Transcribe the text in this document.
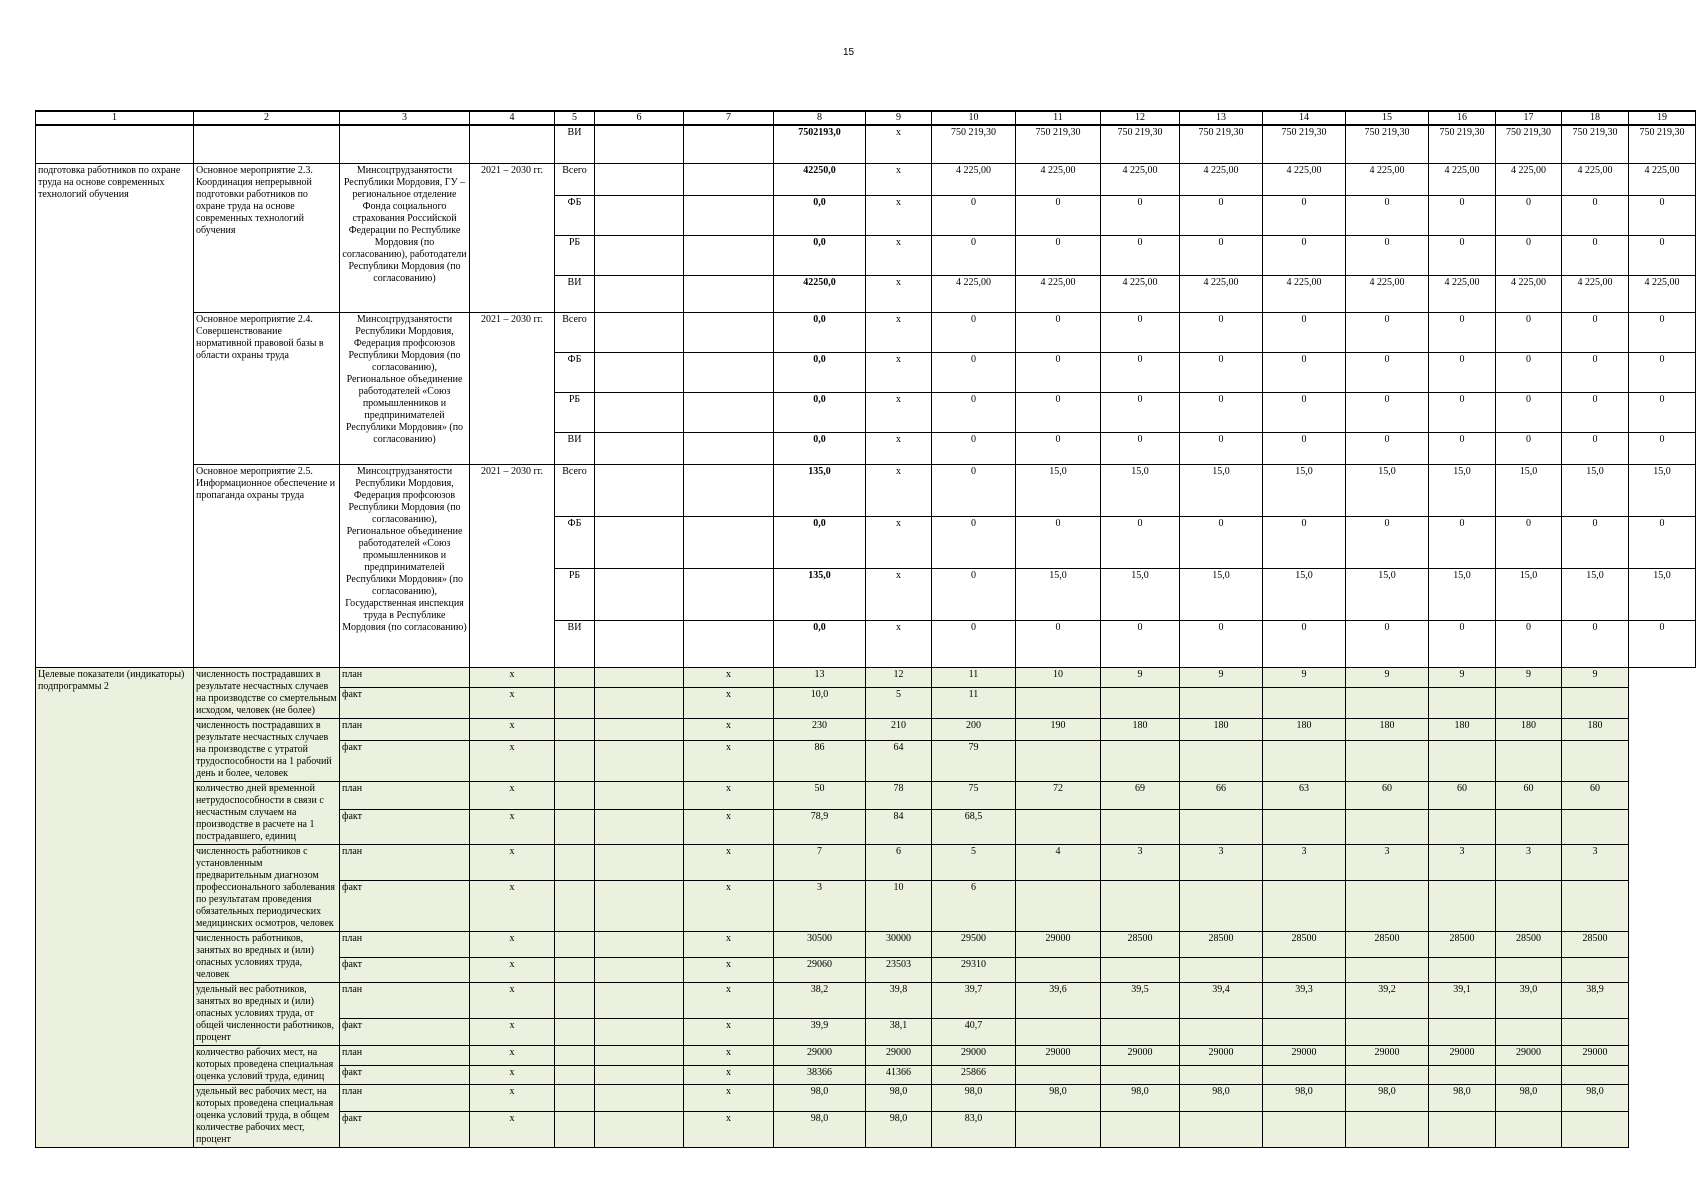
15
1	2	3	4	5	6	7	8	9	10	11	12	13	14	15	16	17	18	19
				ВИ			7502193,0	х	750 219,30	750 219,30	750 219,30	750 219,30	750 219,30	750 219,30	750 219,30	750 219,30	750 219,30	750 219,30
подготовка работников по охране труда на основе современных технологий обучения	Основное мероприятие 2.3. Координация непрерывной подготовки работников по охране труда на основе современных технологий обучения	Минсоцтрудзанятости Республики Мордовия, ГУ – региональное отделение Фонда социального страхования Российской Федерации по Республике Мордовия (по согласованию), работодатели Республики Мордовия (по согласованию)	2021 – 2030 гг.	Всего			42250,0	х	4 225,00	4 225,00	4 225,00	4 225,00	4 225,00	4 225,00	4 225,00	4 225,00	4 225,00	4 225,00
				ФБ			0,0	х	0	0	0	0	0	0	0	0	0	0
				РБ			0,0	х	0	0	0	0	0	0	0	0	0	0
				ВИ			42250,0	х	4 225,00	4 225,00	4 225,00	4 225,00	4 225,00	4 225,00	4 225,00	4 225,00	4 225,00	4 225,00
	Основное мероприятие 2.4. Совершенствование нормативной правовой базы в области охраны труда	Минсоцтрудзанятости Республики Мордовия, Федерация профсоюзов Республики Мордовия (по согласованию), Региональное объединение работодателей «Союз промышленников и предпринимателей Республики Мордовия» (по согласованию)	2021 – 2030 гг.	Всего			0,0	х	0	0	0	0	0	0	0	0	0	0
				ФБ			0,0	х	0	0	0	0	0	0	0	0	0	0
				РБ			0,0	х	0	0	0	0	0	0	0	0	0	0
				ВИ			0,0	х	0	0	0	0	0	0	0	0	0	0
	Основное мероприятие 2.5. Информационное обеспечение и пропаганда охраны труда	Минсоцтрудзанятости Республики Мордовия, Федерация профсоюзов Республики Мордовия (по согласованию), Региональное объединение работодателей «Союз промышленников и предпринимателей Республики Мордовия» (по согласованию), Государственная инспекция труда в Республике Мордовия (по согласованию)	2021 – 2030 гг.	Всего			135,0	х	0	15,0	15,0	15,0	15,0	15,0	15,0	15,0	15,0	15,0
				ФБ			0,0	х	0	0	0	0	0	0	0	0	0	0
				РБ			135,0	х	0	15,0	15,0	15,0	15,0	15,0	15,0	15,0	15,0	15,0
				ВИ			0,0	х	0	0	0	0	0	0	0	0	0	0
Целевые показатели (индикаторы) подпрограммы 2	численность пострадавших в результате несчастных случаев на производстве со смертельным исходом, человек (не более)	план	х			х	13	12	11	10	9	9	9	9	9	9	9	
		факт	х			х	10,0	5	11									
	численность пострадавших в результате несчастных случаев на производстве с утратой трудоспособности на 1 рабочий день и более, человек	план	х			х	230	210	200	190	180	180	180	180	180	180	180	
		факт	х			х	86	64	79									
	количество дней временной нетрудоспособности в связи с несчастным случаем на производстве в расчете на 1 пострадавшего, единиц	план	х			х	50	78	75	72	69	66	63	60	60	60	60	
		факт	х			х	78,9	84	68,5									
	численность работников с установленным предварительным диагнозом профессионального заболевания по результатам проведения обязательных периодических медицинских осмотров, человек	план	х			х	7	6	5	4	3	3	3	3	3	3	3	
		факт	х			х	3	10	6									
	численность работников, занятых во вредных и (или) опасных условиях труда, человек	план	х			х	30500	30000	29500	29000	28500	28500	28500	28500	28500	28500	28500	
		факт	х			х	29060	23503	29310									
	удельный вес работников, занятых во вредных и (или) опасных условиях труда, от общей численности работников, процент	план	х			х	38,2	39,8	39,7	39,6	39,5	39,4	39,3	39,2	39,1	39,0	38,9	
		факт	х			х	39,9	38,1	40,7									
	количество рабочих мест, на которых проведена специальная оценка условий труда, единиц	план	х			х	29000	29000	29000	29000	29000	29000	29000	29000	29000	29000	29000	
		факт	х			х	38366	41366	25866									
	удельный вес рабочих мест, на которых проведена специальная оценка условий труда, в общем количестве рабочих мест, процент	план	х			х	98,0	98,0	98,0	98,0	98,0	98,0	98,0	98,0	98,0	98,0	98,0	
		факт	х			х	98,0	98,0	83,0									
